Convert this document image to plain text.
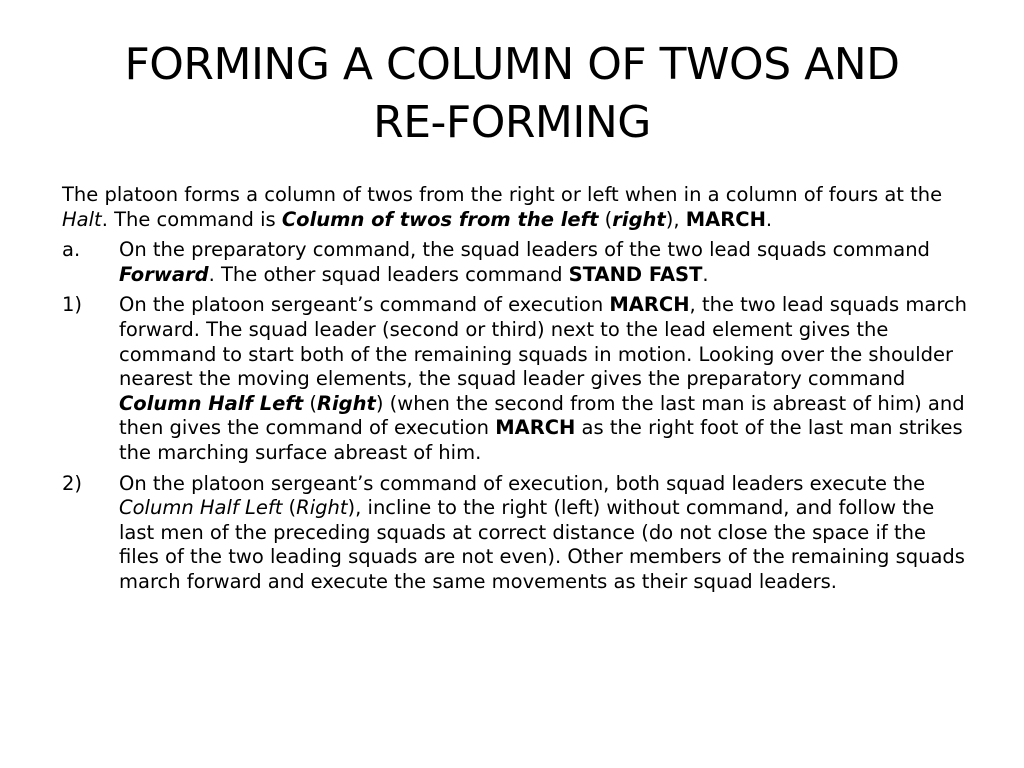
FORMING A COLUMN OF TWOS AND
RE-FORMING

The platoon forms a column of twos from the right or left when in a column of fours at the Halt. The command is Column of twos from the left (right), MARCH.

a.	On the preparatory command, the squad leaders of the two lead squads command Forward. The other squad leaders command STAND FAST.
1)	On the platoon sergeant’s command of execution MARCH, the two lead squads march forward. The squad leader (second or third) next to the lead element gives the command to start both of the remaining squads in motion. Looking over the shoulder nearest the moving elements, the squad leader gives the preparatory command Column Half Left (Right) (when the second from the last man is abreast of him) and then gives the command of execution MARCH as the right foot of the last man strikes the marching surface abreast of him.
2)	On the platoon sergeant’s command of execution, both squad leaders execute the Column Half Left (Right), incline to the right (left) without command, and follow the last men of the preceding squads at correct distance (do not close the space if the files of the two leading squads are not even). Other members of the remaining squads march forward and execute the same movements as their squad leaders.
